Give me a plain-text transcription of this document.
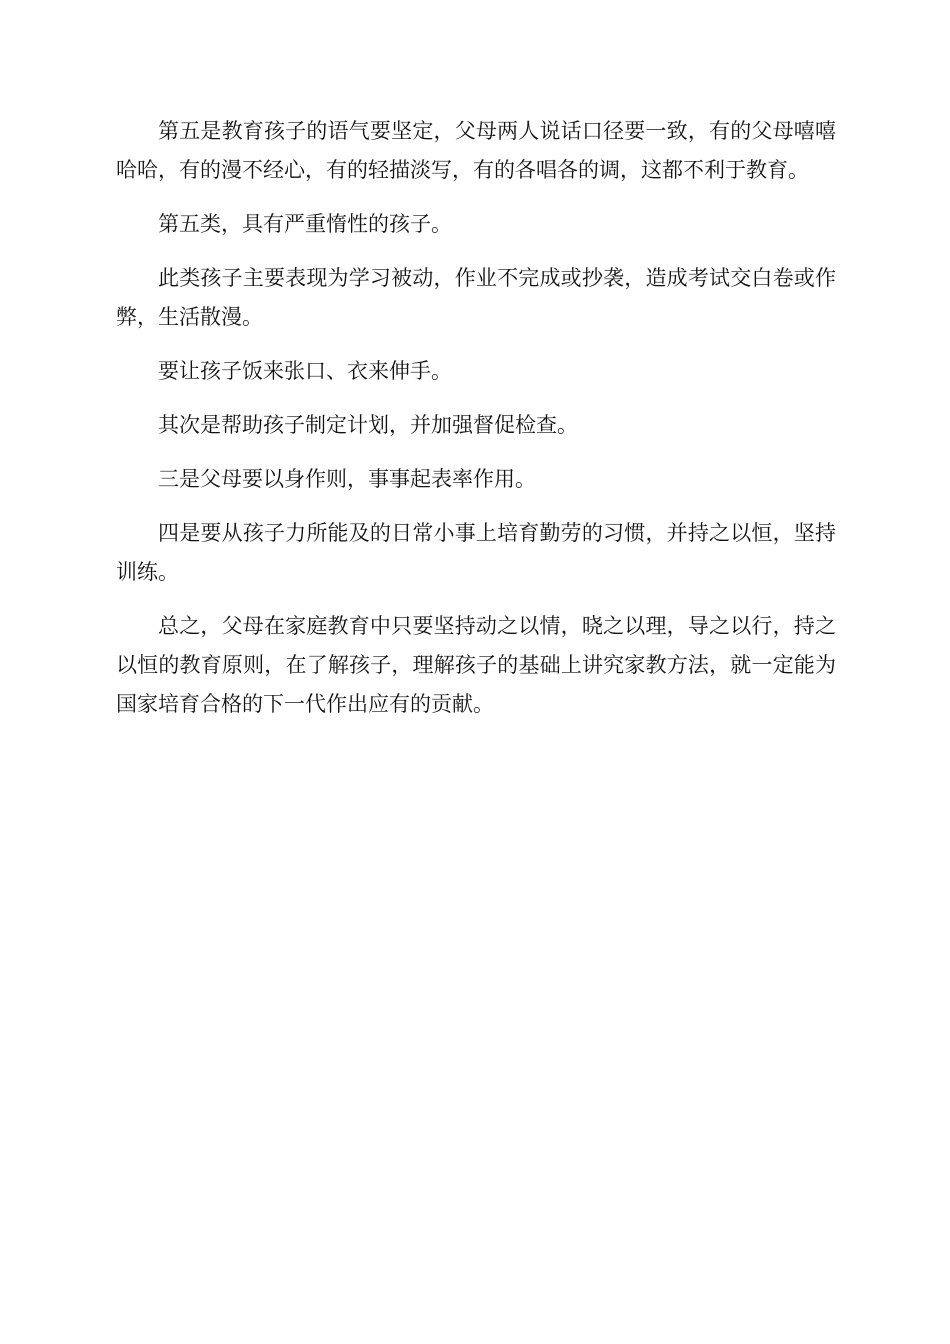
第五是教育孩子的语气要坚定，父母两人说话口径要一致，有的父母嘻嘻哈哈，有的漫不经心，有的轻描淡写，有的各唱各的调，这都不利于教育。

第五类，具有严重惰性的孩子。

此类孩子主要表现为学习被动，作业不完成或抄袭，造成考试交白卷或作弊，生活散漫。

要让孩子饭来张口、衣来伸手。

其次是帮助孩子制定计划，并加强督促检查。

三是父母要以身作则，事事起表率作用。

四是要从孩子力所能及的日常小事上培育勤劳的习惯，并持之以恒，坚持训练。

总之，父母在家庭教育中只要坚持动之以情，晓之以理，导之以行，持之以恒的教育原则，在了解孩子，理解孩子的基础上讲究家教方法，就一定能为国家培育合格的下一代作出应有的贡献。
